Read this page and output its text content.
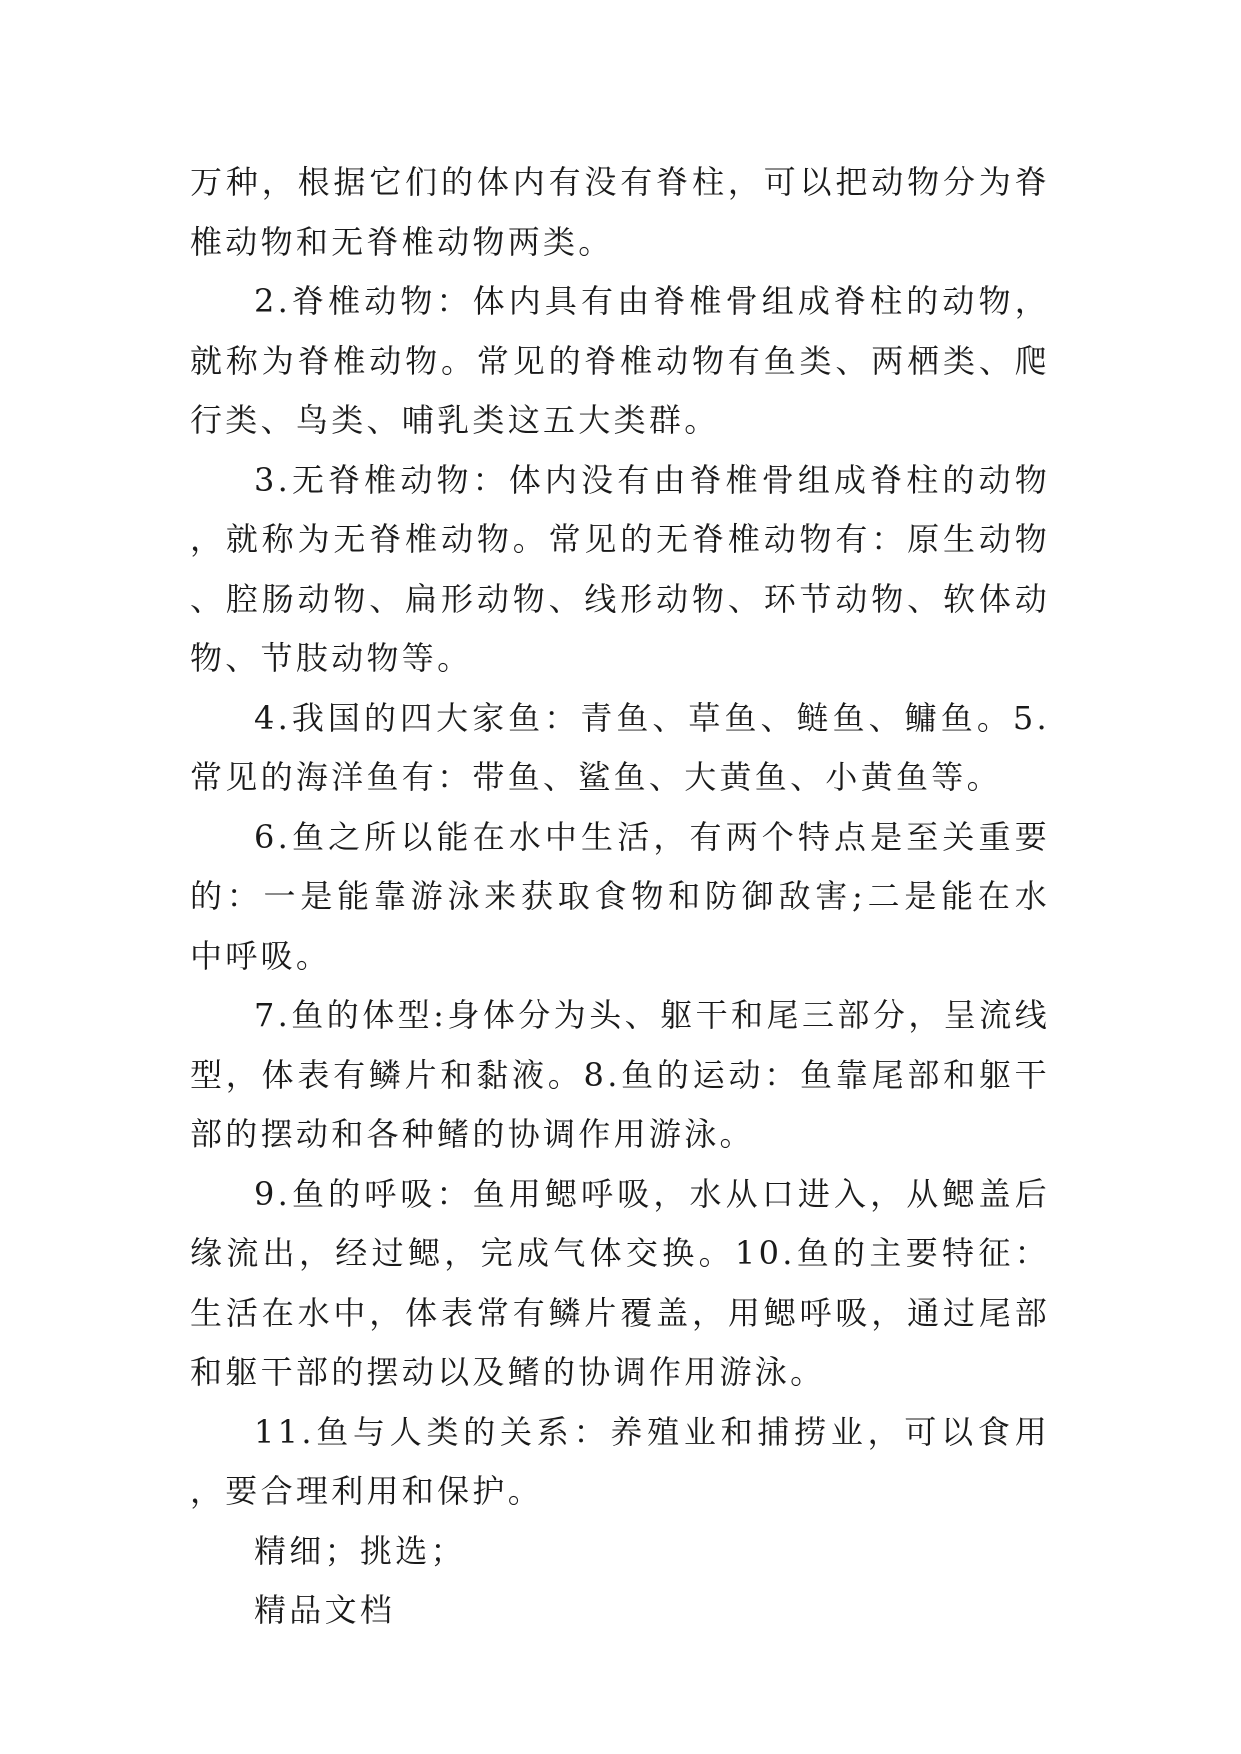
万种，根据它们的体内有没有脊柱，可以把动物分为脊椎动物和无脊椎动物两类。

2.脊椎动物：体内具有由脊椎骨组成脊柱的动物，就称为脊椎动物。常见的脊椎动物有鱼类、两栖类、爬行类、鸟类、哺乳类这五大类群。

3.无脊椎动物：体内没有由脊椎骨组成脊柱的动物，就称为无脊椎动物。常见的无脊椎动物有：原生动物、腔肠动物、扁形动物、线形动物、环节动物、软体动物、节肢动物等。

4.我国的四大家鱼：青鱼、草鱼、鲢鱼、鳙鱼。5.常见的海洋鱼有：带鱼、鲨鱼、大黄鱼、小黄鱼等。

6.鱼之所以能在水中生活，有两个特点是至关重要的：一是能靠游泳来获取食物和防御敌害;二是能在水中呼吸。

7.鱼的体型:身体分为头、躯干和尾三部分，呈流线型，体表有鳞片和黏液。8.鱼的运动：鱼靠尾部和躯干部的摆动和各种鳍的协调作用游泳。

9.鱼的呼吸：鱼用鳃呼吸，水从口进入，从鳃盖后缘流出，经过鳃，完成气体交换。10.鱼的主要特征：生活在水中，体表常有鳞片覆盖，用鳃呼吸，通过尾部和躯干部的摆动以及鳍的协调作用游泳。

11.鱼与人类的关系：养殖业和捕捞业，可以食用，要合理利用和保护。

精细；挑选；

精品文档
